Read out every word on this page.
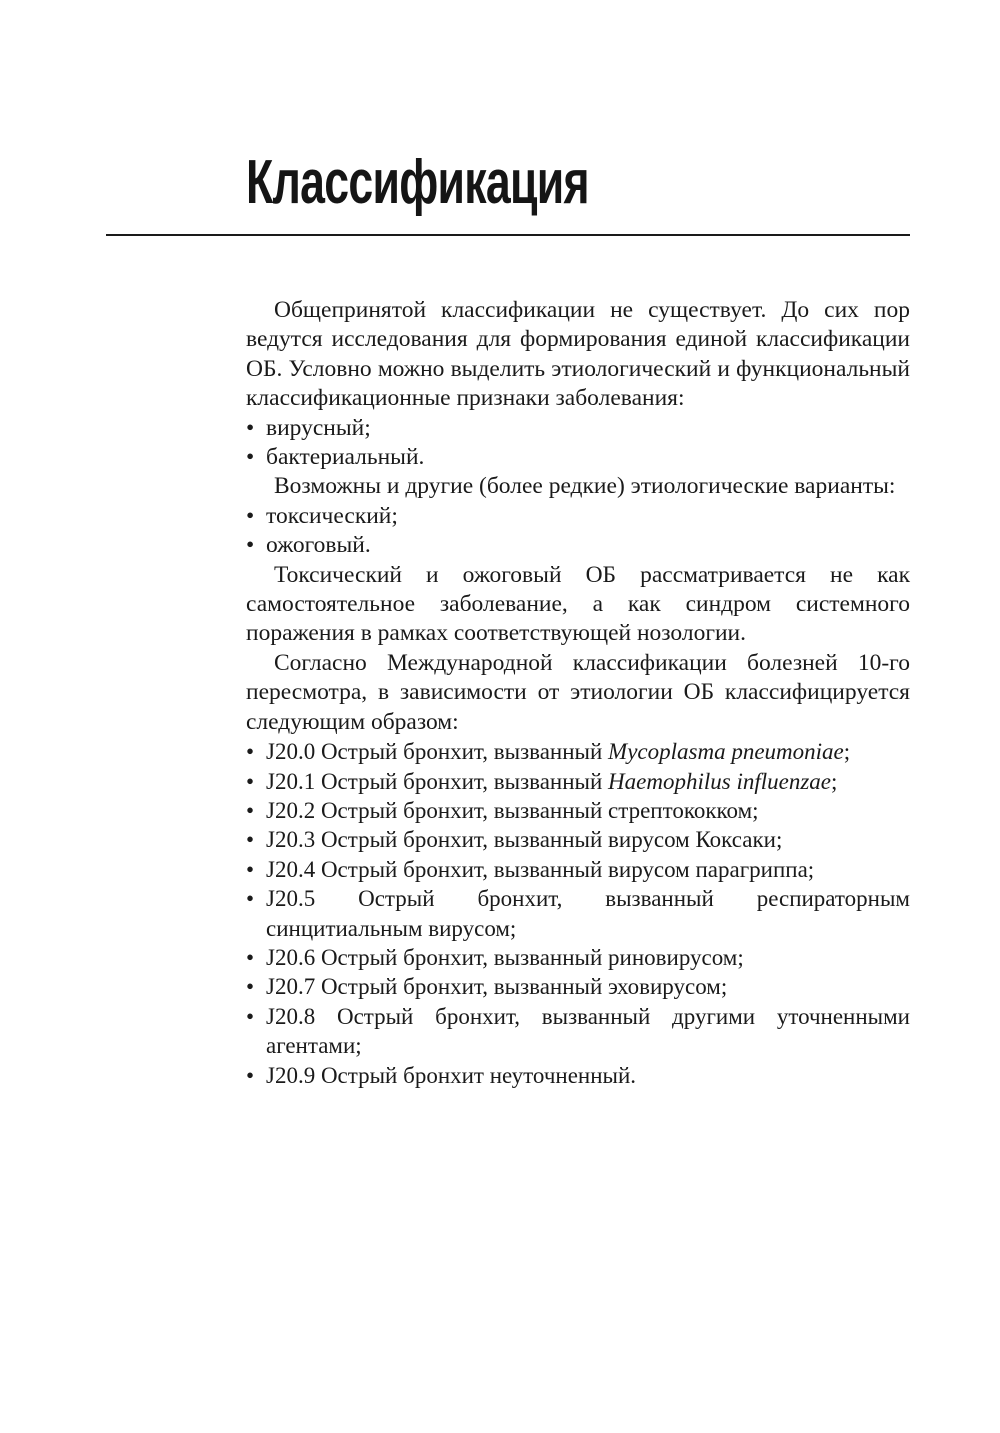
Классификация

Общепринятой классификации не существует. До сих пор ведутся исследования для формирования единой классификации ОБ. Условно можно выделить этиологический и функциональный классификационные признаки заболевания:

• вирусный;
• бактериальный.

Возможны и другие (более редкие) этиологические варианты:

• токсический;
• ожоговый.

Токсический и ожоговый ОБ рассматривается не как самостоятельное заболевание, а как синдром системного поражения в рамках соответствующей нозологии.

Согласно Международной классификации болезней 10-го пересмотра, в зависимости от этиологии ОБ классифицируется следующим образом:

• J20.0 Острый бронхит, вызванный Mycoplasma pneumoniae;
• J20.1 Острый бронхит, вызванный Haemophilus influenzae;
• J20.2 Острый бронхит, вызванный стрептококком;
• J20.3 Острый бронхит, вызванный вирусом Коксаки;
• J20.4 Острый бронхит, вызванный вирусом парагриппа;
• J20.5 Острый бронхит, вызванный респираторным синцитиальным вирусом;
• J20.6 Острый бронхит, вызванный риновирусом;
• J20.7 Острый бронхит, вызванный эховирусом;
• J20.8 Острый бронхит, вызванный другими уточненными агентами;
• J20.9 Острый бронхит неуточненный.
